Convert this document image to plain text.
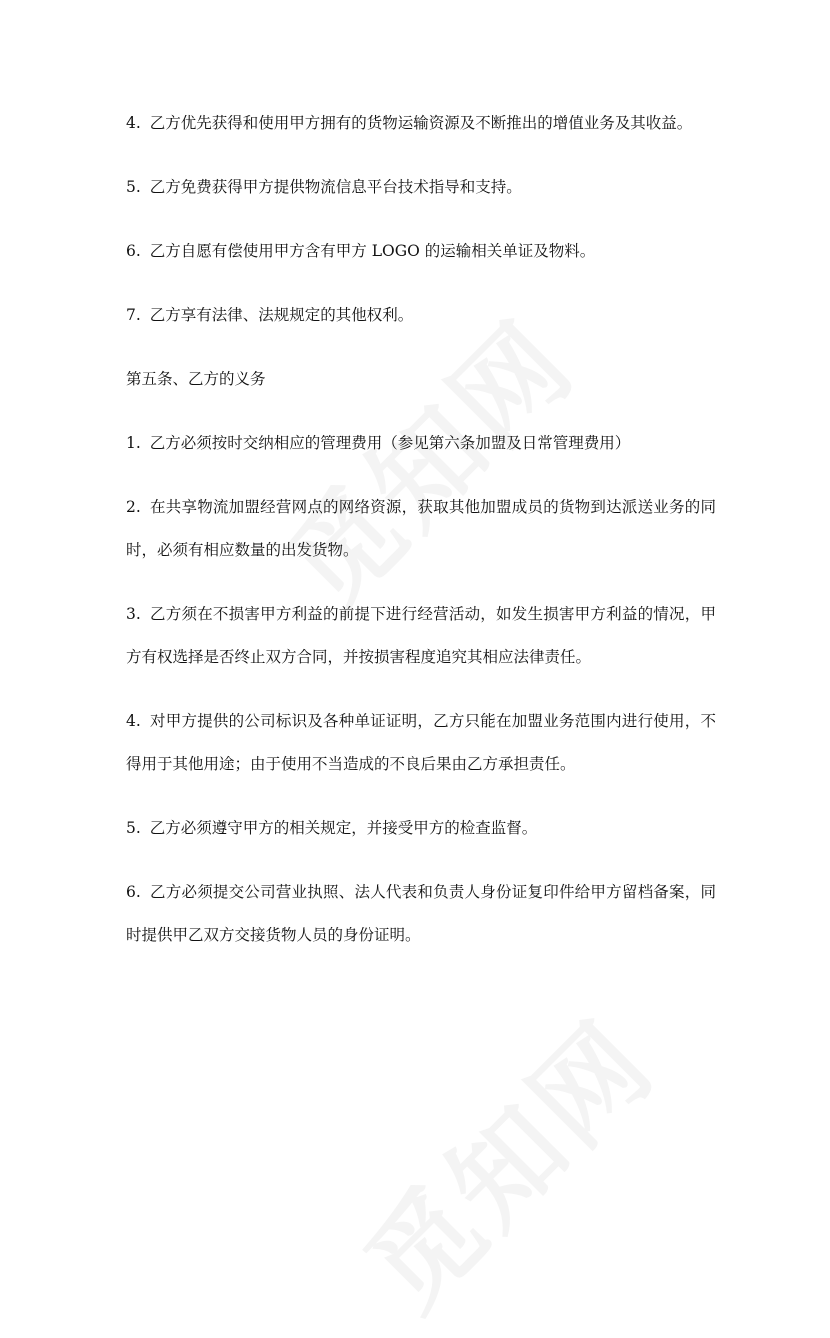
4. 乙方优先获得和使用甲方拥有的货物运输资源及不断推出的增值业务及其收益。

5. 乙方免费获得甲方提供物流信息平台技术指导和支持。

6. 乙方自愿有偿使用甲方含有甲方 LOGO 的运输相关单证及物料。

7. 乙方享有法律、法规规定的其他权利。

第五条、乙方的义务

1. 乙方必须按时交纳相应的管理费用（参见第六条加盟及日常管理费用）

2. 在共享物流加盟经营网点的网络资源，获取其他加盟成员的货物到达派送业务的同时，必须有相应数量的出发货物。

3. 乙方须在不损害甲方利益的前提下进行经营活动，如发生损害甲方利益的情况，甲方有权选择是否终止双方合同，并按损害程度追究其相应法律责任。

4. 对甲方提供的公司标识及各种单证证明，乙方只能在加盟业务范围内进行使用，不得用于其他用途；由于使用不当造成的不良后果由乙方承担责任。

5. 乙方必须遵守甲方的相关规定，并接受甲方的检查监督。

6. 乙方必须提交公司营业执照、法人代表和负责人身份证复印件给甲方留档备案，同时提供甲乙双方交接货物人员的身份证明。
